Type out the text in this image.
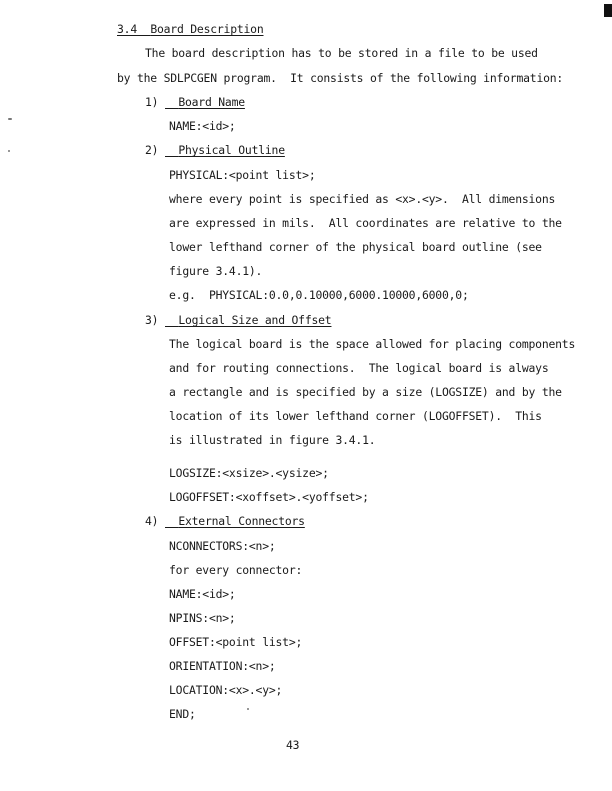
3.4 Board Description
The board description has to be stored in a file to be used
by the SDLPCGEN program.  It consists of the following information:
1) Board Name
NAME:<id>;
2) Physical Outline
PHYSICAL:<point list>;
where every point is specified as <x>.<y>.  All dimensions
are expressed in mils.  All coordinates are relative to the
lower lefthand corner of the physical board outline (see
figure 3.4.1).
e.g.  PHYSICAL:0.0,0.10000,6000.10000,6000,0;
3) Logical Size and Offset
The logical board is the space allowed for placing components
and for routing connections.  The logical board is always
a rectangle and is specified by a size (LOGSIZE) and by the
location of its lower lefthand corner (LOGOFFSET).  This
is illustrated in figure 3.4.1.
LOGSIZE:<xsize>.<ysize>;
LOGOFFSET:<xoffset>.<yoffset>;
4) External Connectors
NCONNECTORS:<n>;
for every connector:
NAME:<id>;
NPINS:<n>;
OFFSET:<point list>;
ORIENTATION:<n>;
LOCATION:<x>.<y>;
END;
43
